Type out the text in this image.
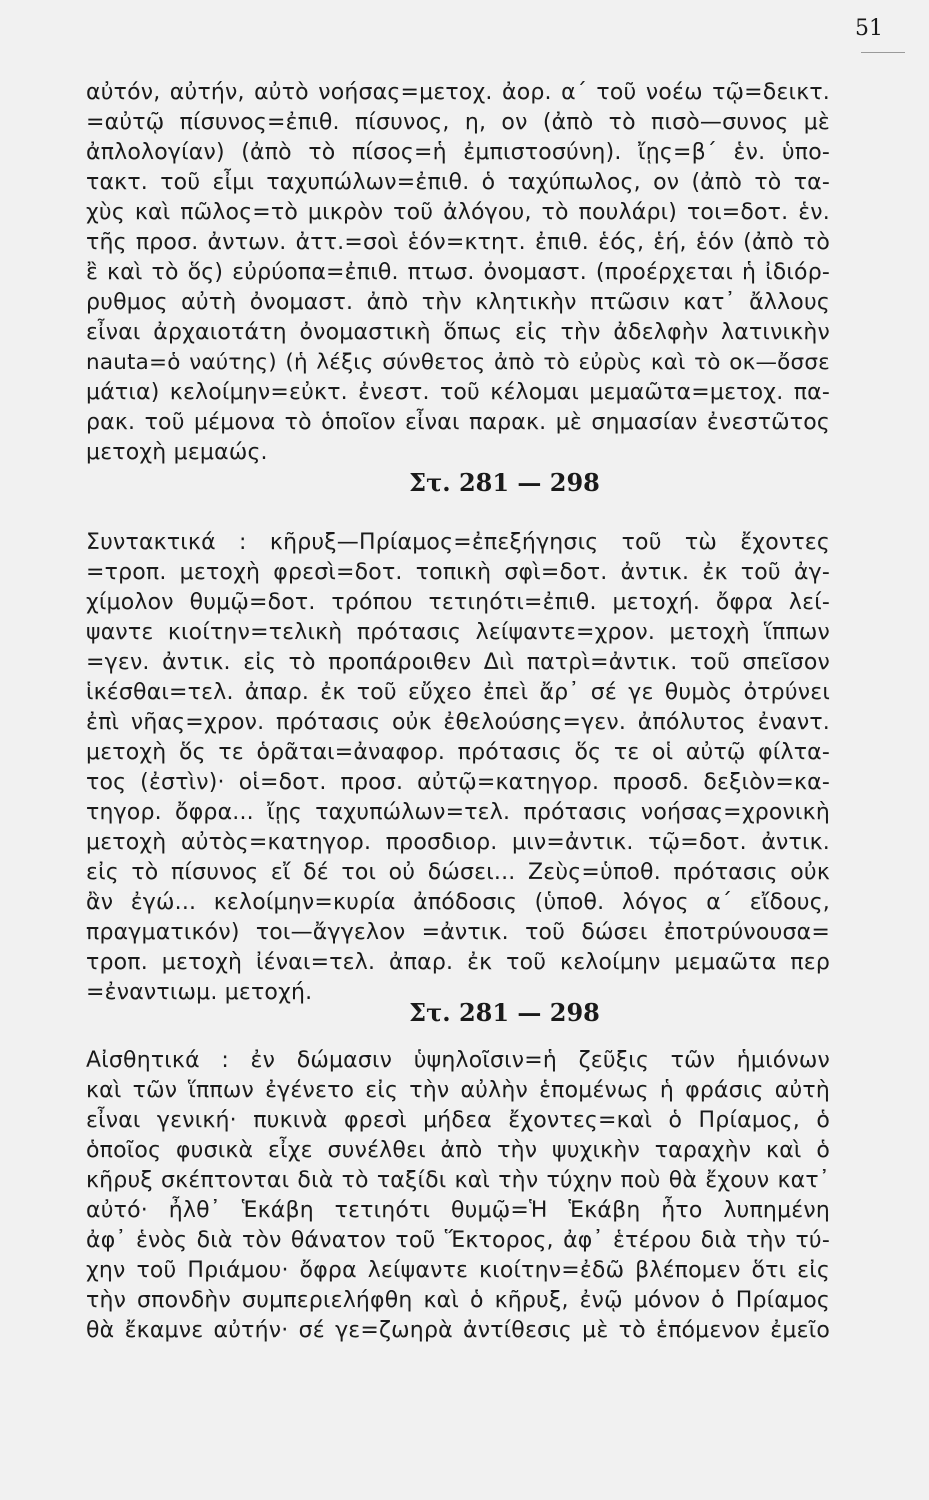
51
αὐτόν, αὐτήν, αὐτὸ νοήσας=μετοχ. ἀορ. α΄ τοῦ νοέω τῷ=δεικτ.
=αὐτῷ πίσυνος=ἐπιθ. πίσυνος, η, ον (ἀπὸ τὸ πισὸ—συνος μὲ
ἀπλολογίαν) (ἀπὸ τὸ πίσος=ἡ ἐμπιστοσύνη). ἴῃς=β΄ ἑν. ὑπο-
τακτ. τοῦ εἶμι ταχυπώλων=ἐπιθ. ὁ ταχύπωλος, ον (ἀπὸ τὸ τα-
χὺς καὶ πῶλος=τὸ μικρὸν τοῦ ἀλόγου, τὸ πουλάρι) τοι=δοτ. ἑν.
τῆς προσ. ἀντων. ἀττ.=σοὶ ἑόν=κτητ. ἐπιθ. ἑός, ἑή, ἑόν (ἀπὸ τὸ
ἒ καὶ τὸ ὅς) εὐρύοπα=ἐπιθ. πτωσ. ὀνομαστ. (προέρχεται ἡ ἰδιόρ-
ρυθμος αὐτὴ ὀνομαστ. ἀπὸ τὴν κλητικὴν πτῶσιν κατ᾽ ἄλλους
εἶναι ἀρχαιοτάτη ὀνομαστικὴ ὅπως εἰς τὴν ἀδελφὴν λατινικὴν
nauta=ὁ ναύτης) (ἡ λέξις σύνθετος ἀπὸ τὸ εὐρὺς καὶ τὸ οκ—ὄσσε
μάτια) κελοίμην=εὐκτ. ἐνεστ. τοῦ κέλομαι μεμαῶτα=μετοχ. πα-
ρακ. τοῦ μέμονα τὸ ὁποῖον εἶναι παρακ. μὲ σημασίαν ἐνεστῶτος
μετοχὴ μεμαώς.
Στ. 281 — 298
Συντακτικά : κῆρυξ—Πρίαμος=ἐπεξήγησις τοῦ τὼ ἔχοντες
=τροπ. μετοχὴ φρεσὶ=δοτ. τοπικὴ σφὶ=δοτ. ἀντικ. ἐκ τοῦ ἀγ-
χίμολον θυμῷ=δοτ. τρόπου τετιηότι=ἐπιθ. μετοχή. ὄφρα λεί-
ψαντε κιοίτην=τελικὴ πρότασις λείψαντε=χρον. μετοχὴ ἵππων
=γεν. ἀντικ. εἰς τὸ προπάροιθεν Διὶ πατρὶ=ἀντικ. τοῦ σπεῖσον
ἱκέσθαι=τελ. ἀπαρ. ἐκ τοῦ εὔχεο ἐπεὶ ἄρ᾽ σέ γε θυμὸς ὀτρύνει
ἐπὶ νῆας=χρον. πρότασις οὐκ ἐθελούσης=γεν. ἀπόλυτος ἐναντ.
μετοχὴ ὅς τε ὁρᾶται=ἀναφορ. πρότασις ὅς τε οἱ αὐτῷ φίλτα-
τος (ἐστὶν)· οἱ=δοτ. προσ. αὐτῷ=κατηγορ. προσδ. δεξιὸν=κα-
τηγορ. ὄφρα... ἴῃς ταχυπώλων=τελ. πρότασις νοήσας=χρονικὴ
μετοχὴ αὐτὸς=κατηγορ. προσδιορ. μιν=ἀντικ. τῷ=δοτ. ἀντικ.
εἰς τὸ πίσυνος εἴ δέ τοι οὐ δώσει... Ζεὺς=ὑποθ. πρότασις οὐκ
ἂν ἐγώ... κελοίμην=κυρία ἀπόδοσις (ὑποθ. λόγος α΄ εἴδους,
πραγματικόν) τοι—ἄγγελον =ἀντικ. τοῦ δώσει ἐποτρύνουσα=
τροπ. μετοχὴ ἰέναι=τελ. ἀπαρ. ἐκ τοῦ κελοίμην μεμαῶτα περ
=ἐναντιωμ. μετοχή.
Στ. 281 — 298
Αἰσθητικά : ἐν δώμασιν ὑψηλοῖσιν=ἡ ζεῦξις τῶν ἡμιόνων
καὶ τῶν ἵππων ἐγένετο εἰς τὴν αὐλὴν ἑπομένως ἡ φράσις αὐτὴ
εἶναι γενική· πυκινὰ φρεσὶ μήδεα ἔχοντες=καὶ ὁ Πρίαμος, ὁ
ὁποῖος φυσικὰ εἶχε συνέλθει ἀπὸ τὴν ψυχικὴν ταραχὴν καὶ ὁ
κῆρυξ σκέπτονται διὰ τὸ ταξίδι καὶ τὴν τύχην ποὺ θὰ ἔχουν κατ᾽
αὐτό· ἦλθ᾽ Ἑκάβη τετιηότι θυμῷ=Ἡ Ἑκάβη ἦτο λυπημένη
ἀφ᾽ ἑνὸς διὰ τὸν θάνατον τοῦ Ἕκτορος, ἀφ᾽ ἑτέρου διὰ τὴν τύ-
χην τοῦ Πριάμου· ὄφρα λείψαντε κιοίτην=ἐδῶ βλέπομεν ὅτι εἰς
τὴν σπονδὴν συμπεριελήφθη καὶ ὁ κῆρυξ, ἐνῷ μόνον ὁ Πρίαμος
θὰ ἔκαμνε αὐτήν· σέ γε=ζωηρὰ ἀντίθεσις μὲ τὸ ἑπόμενον ἐμεῖο
